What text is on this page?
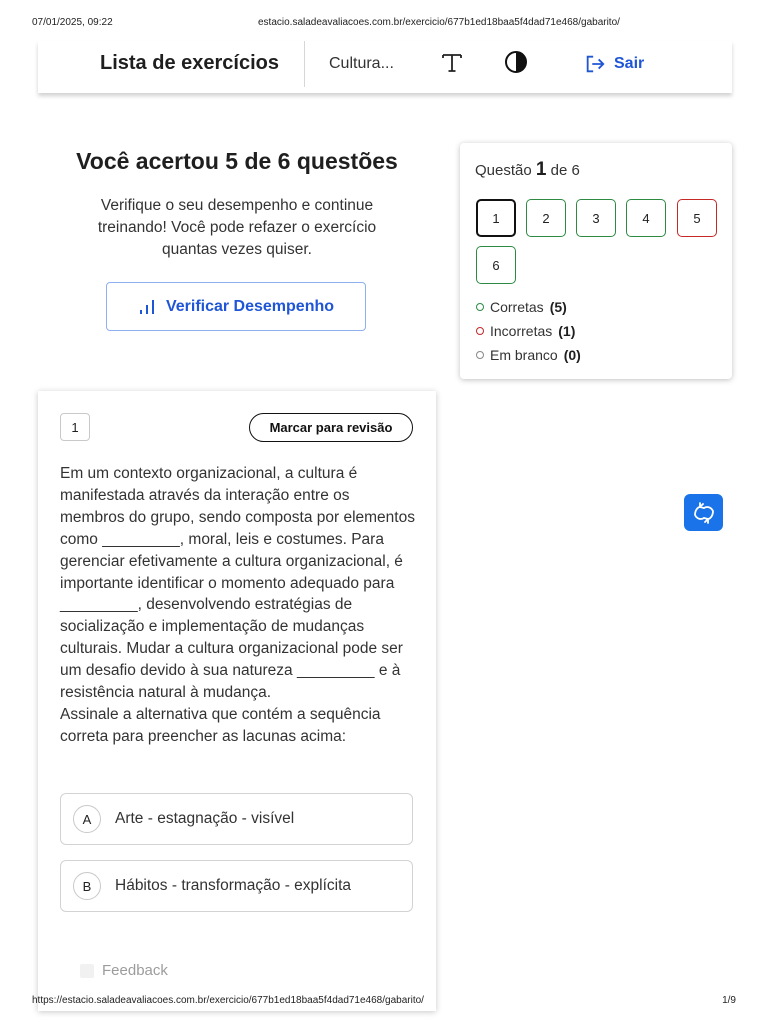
07/01/2025, 09:22	estacio.saladeavaliacoes.com.br/exercicio/677b1ed18baa5f4dad71e468/gabarito/
Lista de exercícios	Cultura...	Sair
Você acertou 5 de 6 questões
Verifique o seu desempenho e continue treinando! Você pode refazer o exercício quantas vezes quiser.
Verificar Desempenho
Questão 1 de 6
1	2	3	4	5
6
Corretas (5)
Incorretas (1)
Em branco (0)
1	Marcar para revisão

Em um contexto organizacional, a cultura é manifestada através da interação entre os membros do grupo, sendo composta por elementos como _________, moral, leis e costumes. Para gerenciar efetivamente a cultura organizacional, é importante identificar o momento adequado para _________, desenvolvendo estratégias de socialização e implementação de mudanças culturais. Mudar a cultura organizacional pode ser um desafio devido à sua natureza _________ e à resistência natural à mudança.

Assinale a alternativa que contém a sequência correta para preencher as lacunas acima:

A	Arte - estagnação - visível
B	Hábitos - transformação - explícita
Feedback
https://estacio.saladeavaliacoes.com.br/exercicio/677b1ed18baa5f4dad71e468/gabarito/	1/9
